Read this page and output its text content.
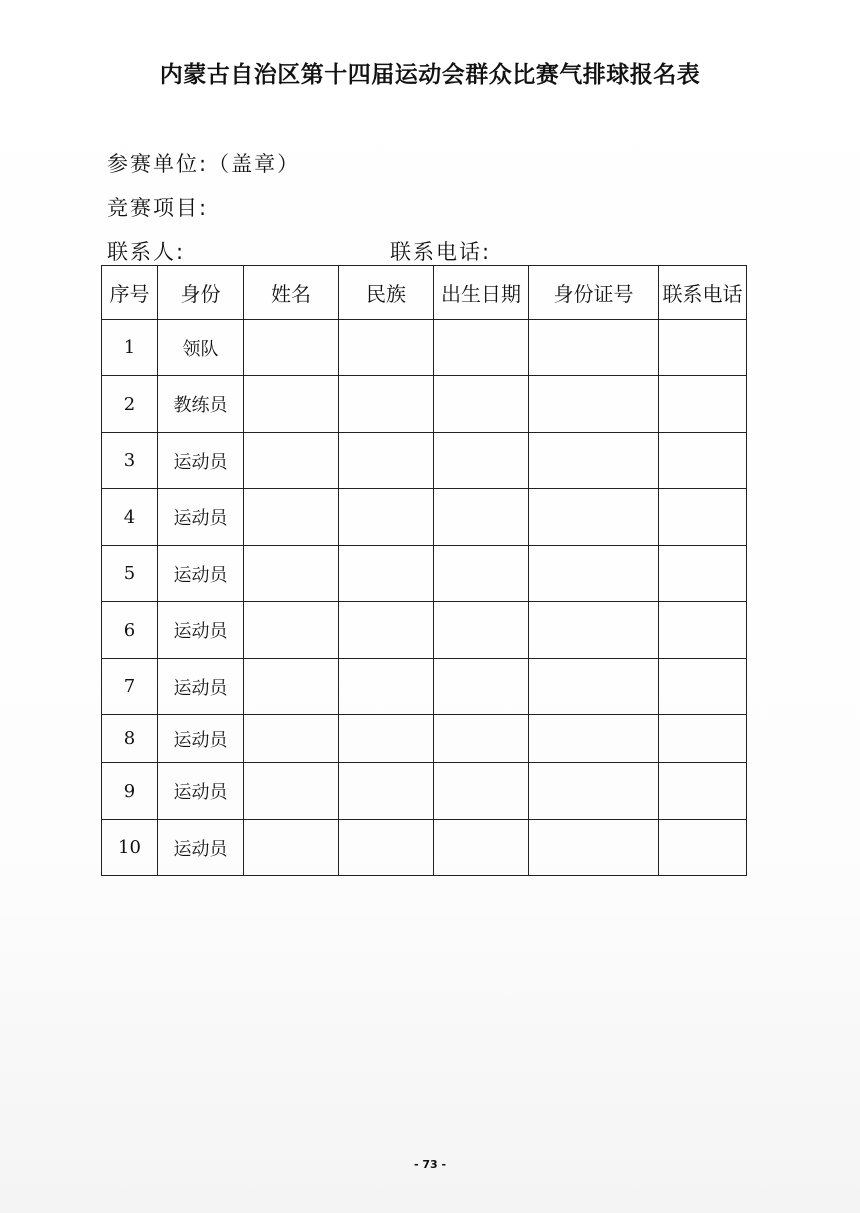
内蒙古自治区第十四届运动会群众比赛气排球报名表
参赛单位:（盖章）
竞赛项目:
联系人:	联系电话:
序号	身份	姓名	民族	出生日期	身份证号	联系电话
1	领队					
2	教练员					
3	运动员					
4	运动员					
5	运动员					
6	运动员					
7	运动员					
8	运动员					
9	运动员					
10	运动员					
- 73 -
